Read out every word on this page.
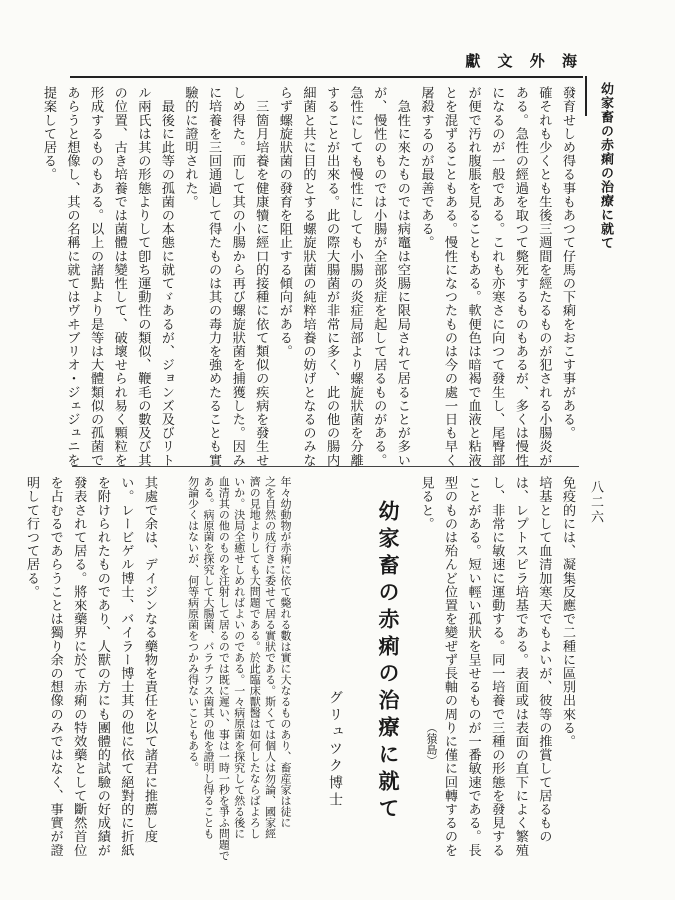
獻 文 外 海
幼家畜の赤痢の治療に就て
八二六
發育せしめ得る事もあつて仔馬の下痢をおこす事がある。
確それも少くとも生後三週間を經たるものが犯される小腸炎が
ある。急性の經過を取つて斃死するものもあるが、多くは慢性
になるのが一般である。これも亦寒さに向つて發生し、尾臀部
が便で汚れ腹脹を見ることもある。軟便色は暗褐で血液と粘液
とを混ずることもある。慢性になつたものは今の處一日も早く
屠殺するのが最善である。
　急性に來たものでは病竈は空腸に限局されて居ることが多い
が、慢性のものでは小腸が全部炎症を起して居るものがある。
急性にしても慢性にしても小腸の炎症局部より螺旋狀菌を分離
することが出來る。此の際大腸菌が非常に多く、此の他の腸内
細菌と共に目的とする螺旋狀菌の純粹培養の妨げとなるのみな
らず螺旋狀菌の發育を阻止する傾向がある。
　三箇月培養を健康犢に經口的接種に依て類似の疾病を發生せ
しめ得た。而して其の小腸から再び螺旋狀菌を捕獲した。因み
に培養を三回通過して得たものは其の毒力を強めたることも實
驗的に證明された。
　最後に此等の孤菌の本態に就てゞあるが、ジョンズ及びリト
ル兩氏は其の形態よりして卽ち運動性の類似、鞭毛の數及び其
の位置、古き培養では菌體は變性して、破壞せられ易く顆粒を
形成するものもある。以上の諸點より是等は大體類似の孤菌で
あらうと想像し、其の名稱に就てはヴヰブリオ・ジェジュニを
提案して居る。
免疫的には、凝集反應で二種に區別出來る。
培基として血清加寒天でもよいが、彼等の推賞して居るもの
は、レプトスピラ培基である。表面或は表面の直下によく繁殖
し、非常に敏速に運動する。同一培養で三種の形態を發見する
ことがある。短い輕い孤狀を呈せるものが一番敏速である。長
型のものは殆んど位置を變ぜず長軸の周りに僅に回轉するのを
見ると。
（猿島）
幼家畜の赤痢の治療に就て
グリュツク博士
年々幼動物が赤痢に依て斃れる數は實に大なるものあり、畜産家は徒に
之を自然の成行きに委せて居る實狀である。斯くては個人は勿論、國家經
濟の見地よりしても大問題である。於此臨床獸醫は如何したならばよろし
いか。決局全癒せしめればよいのである。一々病原菌を探究して然る後に
血清其の他のものを注射して居るのでは既に遲い、事は一時一秒を爭ふ問題で
ある。病原菌を探究して大腸菌、パラチフス菌其の他を證明し得ることも
勿論少くはないが、何等病原菌をつかみ得ないこともある。
其處で余は、デイジンなる藥物を責任を以て諸君に推薦し度
い。レービゲル博士、バイラー博士其の他に依て絕對的に折紙
を附けられたものであり、人獸の方にも團體的試驗の好成績が
發表されて居る。將來藥界に於て赤痢の特效藥として斷然首位
を占むるであらうことは獨り余の想像のみではなく、事實が證
明して行つて居る。
